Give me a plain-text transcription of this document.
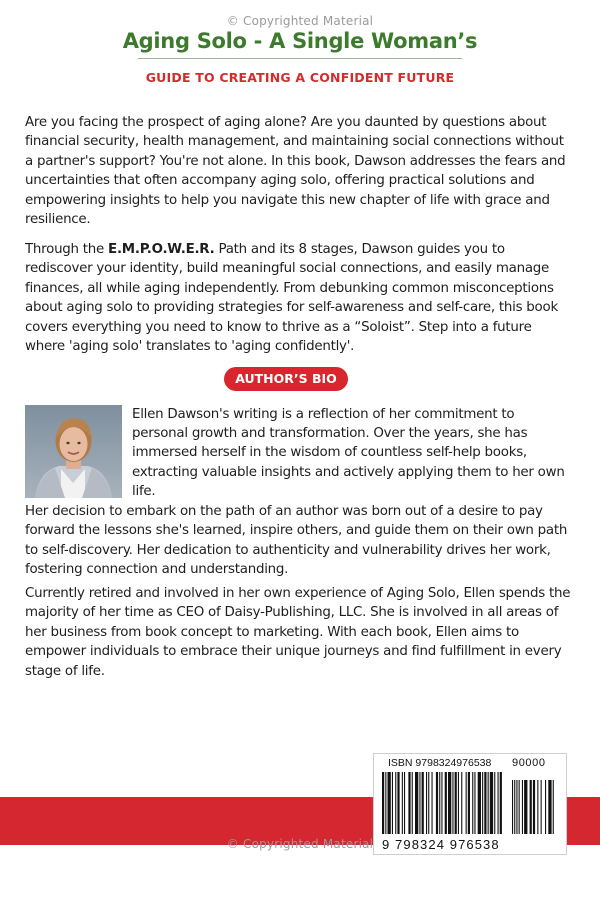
© Copyrighted Material
Aging Solo - A Single Woman’s
GUIDE TO CREATING A CONFIDENT FUTURE

Are you facing the prospect of aging alone? Are you daunted by questions about financial security, health management, and maintaining social connections without a partner's support? You're not alone. In this book, Dawson addresses the fears and uncertainties that often accompany aging solo, offering practical solutions and empowering insights to help you navigate this new chapter of life with grace and resilience.

Through the E.M.P.O.W.E.R. Path and its 8 stages, Dawson guides you to rediscover your identity, build meaningful social connections, and easily manage finances, all while aging independently. From debunking common misconceptions about aging solo to providing strategies for self-awareness and self-care, this book covers everything you need to know to thrive as a “Soloist”. Step into a future where 'aging solo' translates to 'aging confidently'.

AUTHOR’S BIO

Ellen Dawson's writing is a reflection of her commitment to personal growth and transformation. Over the years, she has immersed herself in the wisdom of countless self-help books, extracting valuable insights and actively applying them to her own life.

Her decision to embark on the path of an author was born out of a desire to pay forward the lessons she's learned, inspire others, and guide them on their own path to self-discovery. Her dedication to authenticity and vulnerability drives her work, fostering connection and understanding.

Currently retired and involved in her own experience of Aging Solo, Ellen spends the majority of her time as CEO of Daisy-Publishing, LLC. She is involved in all areas of her business from book concept to marketing. With each book, Ellen aims to empower individuals to embrace their unique journeys and find fulfillment in every stage of life.

ISBN 9798324976538 90000
9 798324 976538
© Copyrighted Material
